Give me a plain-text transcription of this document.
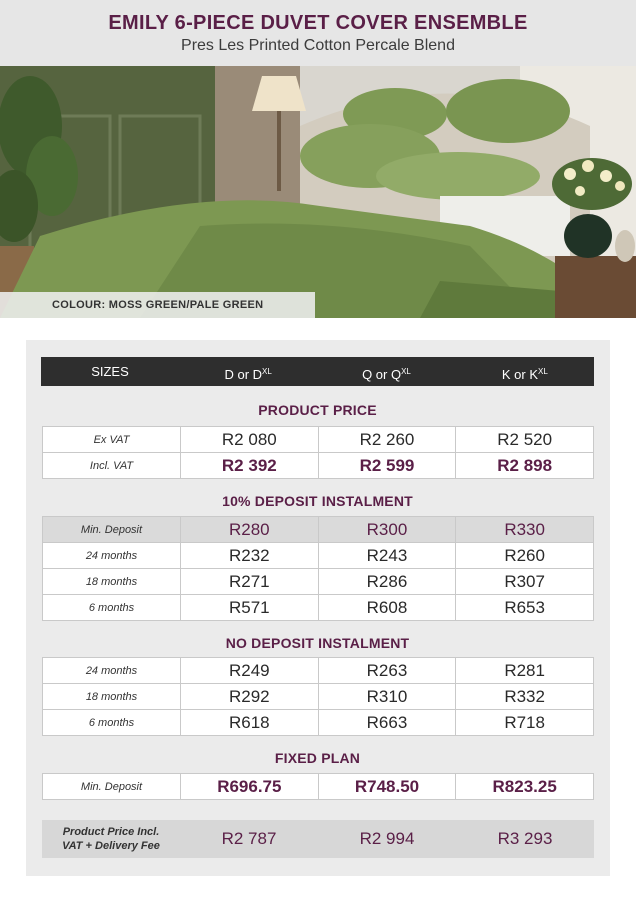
EMILY 6-PIECE DUVET COVER ENSEMBLE
Pres Les Printed Cotton Percale Blend
COLOUR: MOSS GREEN/PALE GREEN
SIZES	D or $D^{XL}$	Q or $Q^{XL}$	K or $K^{XL}$
PRODUCT PRICE
Ex VAT	R2 080	R2 260	R2 520
Incl. VAT	R2 392	R2 599	R2 898
10% DEPOSIT INSTALMENT
Min. Deposit	R280	R300	R330
24 months	R232	R243	R260
18 months	R271	R286	R307
6 months	R571	R608	R653
NO DEPOSIT INSTALMENT
24 months	R249	R263	R281
18 months	R292	R310	R332
6 months	R618	R663	R718
FIXED PLAN
Min. Deposit	R696.75	R748.50	R823.25
Product Price Incl.
VAT + Delivery Fee	R2 787	R2 994	R3 293
